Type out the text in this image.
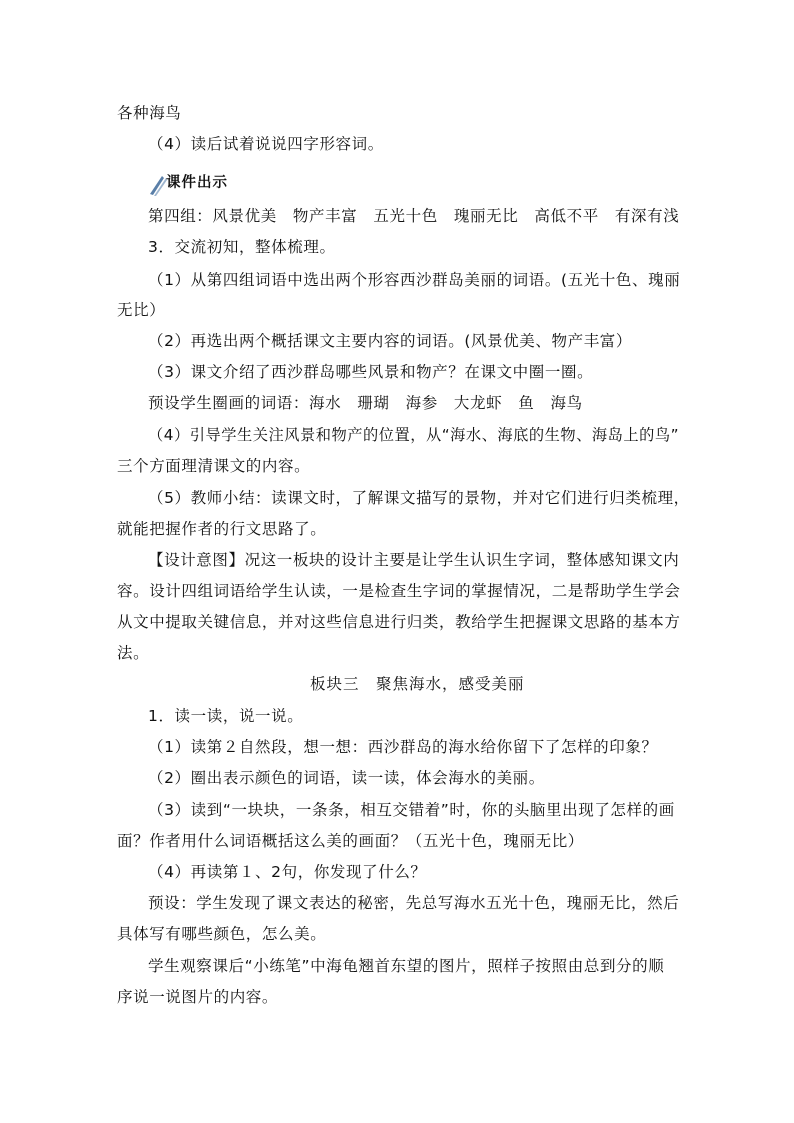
各种海鸟
（4）读后试着说说四字形容词。
课件出示
第四组：风景优美　物产丰富　五光十色　瑰丽无比　高低不平　有深有浅
3．交流初知，整体梳理。
（1）从第四组词语中选出两个形容西沙群岛美丽的词语。(五光十色、瑰丽
无比）
（2）再选出两个概括课文主要内容的词语。(风景优美、物产丰富）
（3）课文介绍了西沙群岛哪些风景和物产？在课文中圈一圈。
预设学生圈画的词语：海水　珊瑚　海参　大龙虾　鱼　海鸟
（4）引导学生关注风景和物产的位置，从“海水、海底的生物、海岛上的鸟”
三个方面理清课文的内容。
（5）教师小结：读课文时，了解课文描写的景物，并对它们进行归类梳理，
就能把握作者的行文思路了。
【设计意图】况这一板块的设计主要是让学生认识生字词，整体感知课文内
容。设计四组词语给学生认读，一是检查生字词的掌握情况，二是帮助学生学会
从文中提取关键信息，并对这些信息进行归类，教给学生把握课文思路的基本方
法。
板块三　聚焦海水，感受美丽
1．读一读，说一说。
（1）读第２自然段，想一想：西沙群岛的海水给你留下了怎样的印象？
（2）圈出表示颜色的词语，读一读，体会海水的美丽。
（3）读到“一块块，一条条，相互交错着”时，你的头脑里出现了怎样的画
面？作者用什么词语概括这么美的画面？（五光十色，瑰丽无比）
（4）再读第１、2句，你发现了什么？
预设：学生发现了课文表达的秘密，先总写海水五光十色，瑰丽无比，然后
具体写有哪些颜色，怎么美。
学生观察课后“小练笔”中海龟翘首东望的图片，照样子按照由总到分的顺
序说一说图片的内容。
